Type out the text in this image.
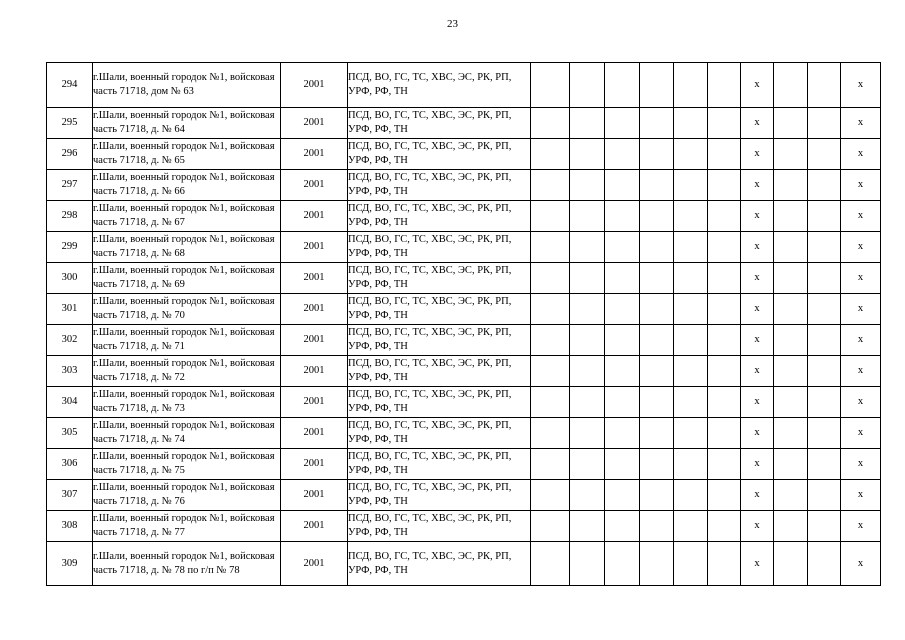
23
294	г.Шали, военный городок №1, войсковая часть 71718, дом № 63	2001	ПСД, ВО, ГС, ТС, ХВС, ЭС, РК, РП, УРФ, РФ, ТН							х			х
295	г.Шали, военный городок №1, войсковая часть 71718, д. № 64	2001	ПСД, ВО, ГС, ТС, ХВС, ЭС, РК, РП, УРФ, РФ, ТН							х			х
296	г.Шали, военный городок №1, войсковая часть 71718, д. № 65	2001	ПСД, ВО, ГС, ТС, ХВС, ЭС, РК, РП, УРФ, РФ, ТН							х			х
297	г.Шали, военный городок №1, войсковая часть 71718, д. № 66	2001	ПСД, ВО, ГС, ТС, ХВС, ЭС, РК, РП, УРФ, РФ, ТН							х			х
298	г.Шали, военный городок №1, войсковая часть 71718, д. № 67	2001	ПСД, ВО, ГС, ТС, ХВС, ЭС, РК, РП, УРФ, РФ, ТН							х			х
299	г.Шали, военный городок №1, войсковая часть 71718, д. № 68	2001	ПСД, ВО, ГС, ТС, ХВС, ЭС, РК, РП, УРФ, РФ, ТН							х			х
300	г.Шали, военный городок №1, войсковая часть 71718, д. № 69	2001	ПСД, ВО, ГС, ТС, ХВС, ЭС, РК, РП, УРФ, РФ, ТН							х			х
301	г.Шали, военный городок №1, войсковая часть 71718, д. № 70	2001	ПСД, ВО, ГС, ТС, ХВС, ЭС, РК, РП, УРФ, РФ, ТН							х			х
302	г.Шали, военный городок №1, войсковая часть 71718, д. № 71	2001	ПСД, ВО, ГС, ТС, ХВС, ЭС, РК, РП, УРФ, РФ, ТН							х			х
303	г.Шали, военный городок №1, войсковая часть 71718, д. № 72	2001	ПСД, ВО, ГС, ТС, ХВС, ЭС, РК, РП, УРФ, РФ, ТН							х			х
304	г.Шали, военный городок №1, войсковая часть 71718, д. № 73	2001	ПСД, ВО, ГС, ТС, ХВС, ЭС, РК, РП, УРФ, РФ, ТН							х			х
305	г.Шали, военный городок №1, войсковая часть 71718, д. № 74	2001	ПСД, ВО, ГС, ТС, ХВС, ЭС, РК, РП, УРФ, РФ, ТН							х			х
306	г.Шали, военный городок №1, войсковая часть 71718, д. № 75	2001	ПСД, ВО, ГС, ТС, ХВС, ЭС, РК, РП, УРФ, РФ, ТН							х			х
307	г.Шали, военный городок №1, войсковая часть 71718, д. № 76	2001	ПСД, ВО, ГС, ТС, ХВС, ЭС, РК, РП, УРФ, РФ, ТН							х			х
308	г.Шали, военный городок №1, войсковая часть 71718, д. № 77	2001	ПСД, ВО, ГС, ТС, ХВС, ЭС, РК, РП, УРФ, РФ, ТН							х			х
309	г.Шали, военный городок №1, войсковая часть 71718, д. № 78 по г/п № 78	2001	ПСД, ВО, ГС, ТС, ХВС, ЭС, РК, РП, УРФ, РФ, ТН							х			х
